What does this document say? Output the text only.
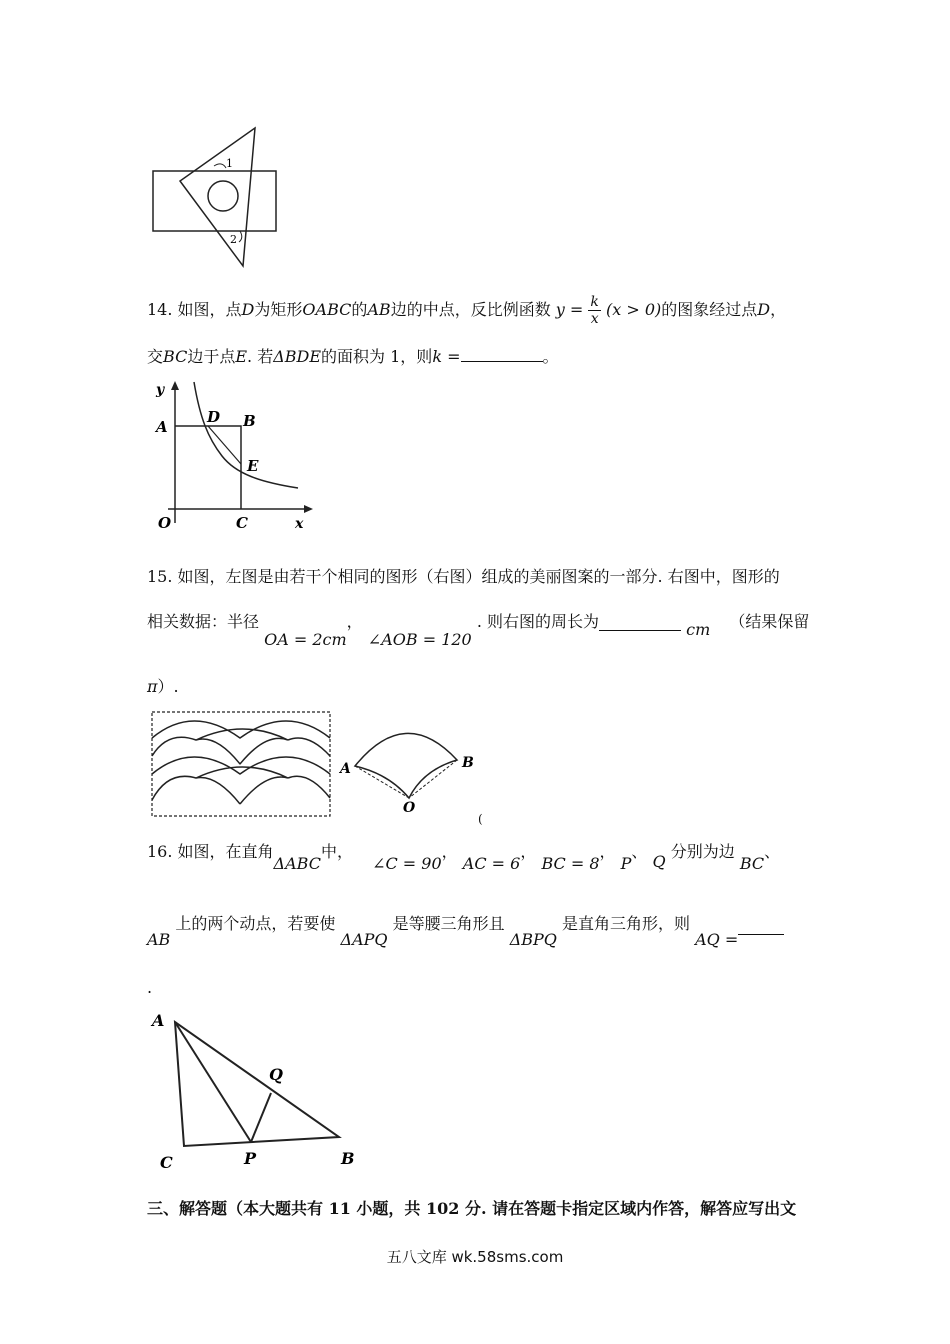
1
2
14. 如图，点D为矩形OABC的AB边的中点，反比例函数 $y = \frac{k}{x} (x > 0)$的图象经过点D，
交BC边于点E. 若ΔBDE的面积为 1，则k =	。
y
A
D B
E
O	C	x
15. 如图，左图是由若干个相同的图形（右图）组成的美丽图案的一部分. 右图中，图形的
相关数据：半径 OA = 2cm， ∠AOB = 120 . 则右图的周长为	cm （结果保留
π）.
A	B
O
(
16. 如图，在直角ΔABC中， ∠C = 90， AC = 6， BC = 8， P、 Q 分别为边 BC、
AB 上的两个动点，若要使 ΔAPQ 是等腰三角形且 ΔBPQ 是直角三角形，则 AQ =
.
A
Q
C	P	B
三、解答题（本大题共有 11 小题，共 102 分. 请在答题卡指定区域内作答，解答应写出文
五八文库 wk.58sms.com
